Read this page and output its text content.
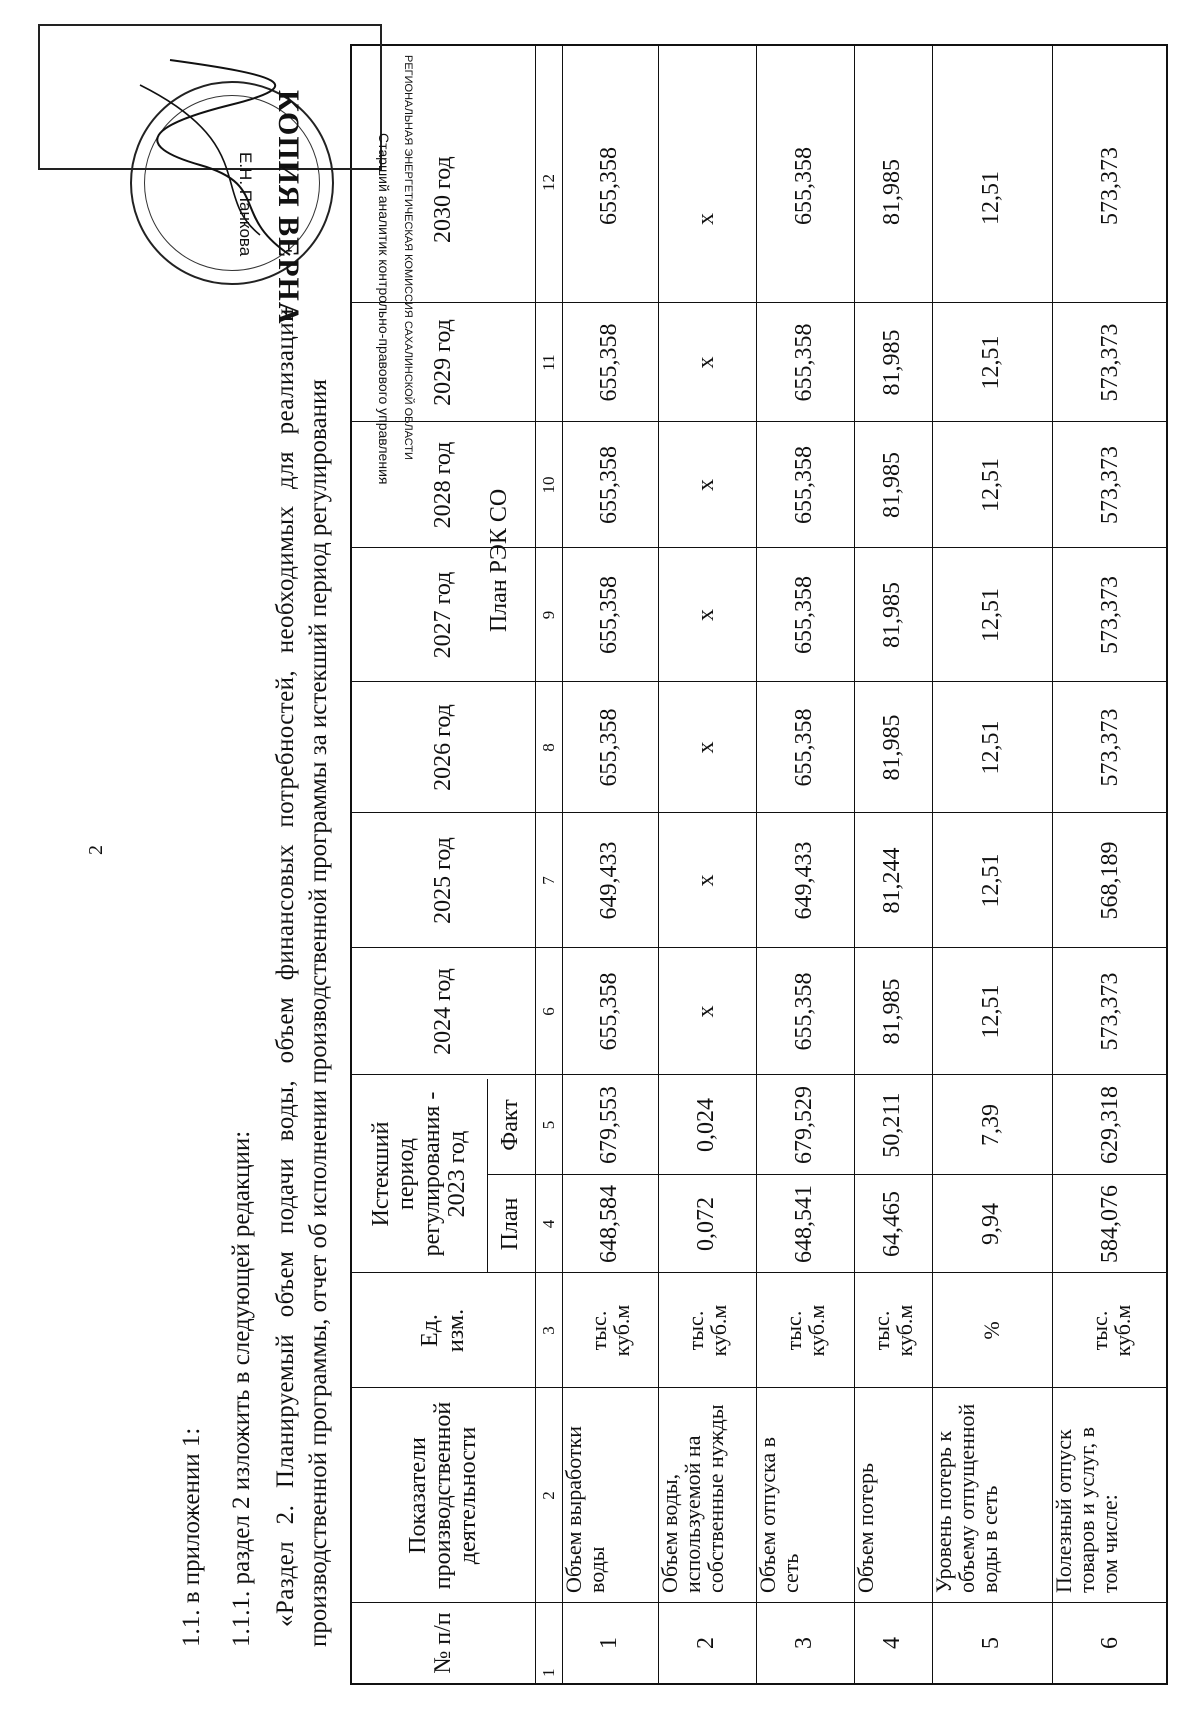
2
1.1. в приложении 1: 1.1.1. раздел 2 изложить в следующей редакции: «Раздел 2. Планируемый объем подачи воды, объем финансовых потребностей, необходимых для реализации производственной программы, отчет об исполнении производственной программы за истекший период регулирования	№ п/п
Показатели производственной деятельности
Ед. изм.
Истекший период регулирования - 2023 год
План
Факт
2024 год
2025 год
2026 год
2027 год
2028 год
2029 год
2030 год
План РЭК СО
1
2
3
4
5
6
7
8
9
10
11
12
1
Объем выработки
воды
тыс.
куб.м
648,584
679,553
655,358
649,433
655,358
655,358
655,358
655,358
655,358
2
Объем воды,
используемой на
собственные нужды
тыс.
куб.м
0,072
0,024
x
x
x
x
x
x
x
3
Объем отпуска в
сеть
тыс.
куб.м
648,541
679,529
655,358
649,433
655,358
655,358
655,358
655,358
655,358
4
Объем потерь
тыс.
куб.м
64,465
50,211
81,985
81,244
81,985
81,985
81,985
81,985
81,985
5
Уровень потерь к
объему отпущенной
воды в сеть
%
9,94
7,39
12,51
12,51
12,51
12,51
12,51
12,51
12,51
6
Полезный отпуск
товаров и услуг, в
том числе:
тыс.
куб.м
584,076
629,318
573,373
568,189
573,373
573,373
573,373
573,373
573,373
РЕГИОНАЛЬНАЯ ЭНЕРГЕТИЧЕСКАЯ КОМИССИЯ САХАЛИНСКОЙ ОБЛАСТИ
КОПИЯ ВЕРНА	Старший аналитик контрольно-правового управления
Е.Н. Панкова
